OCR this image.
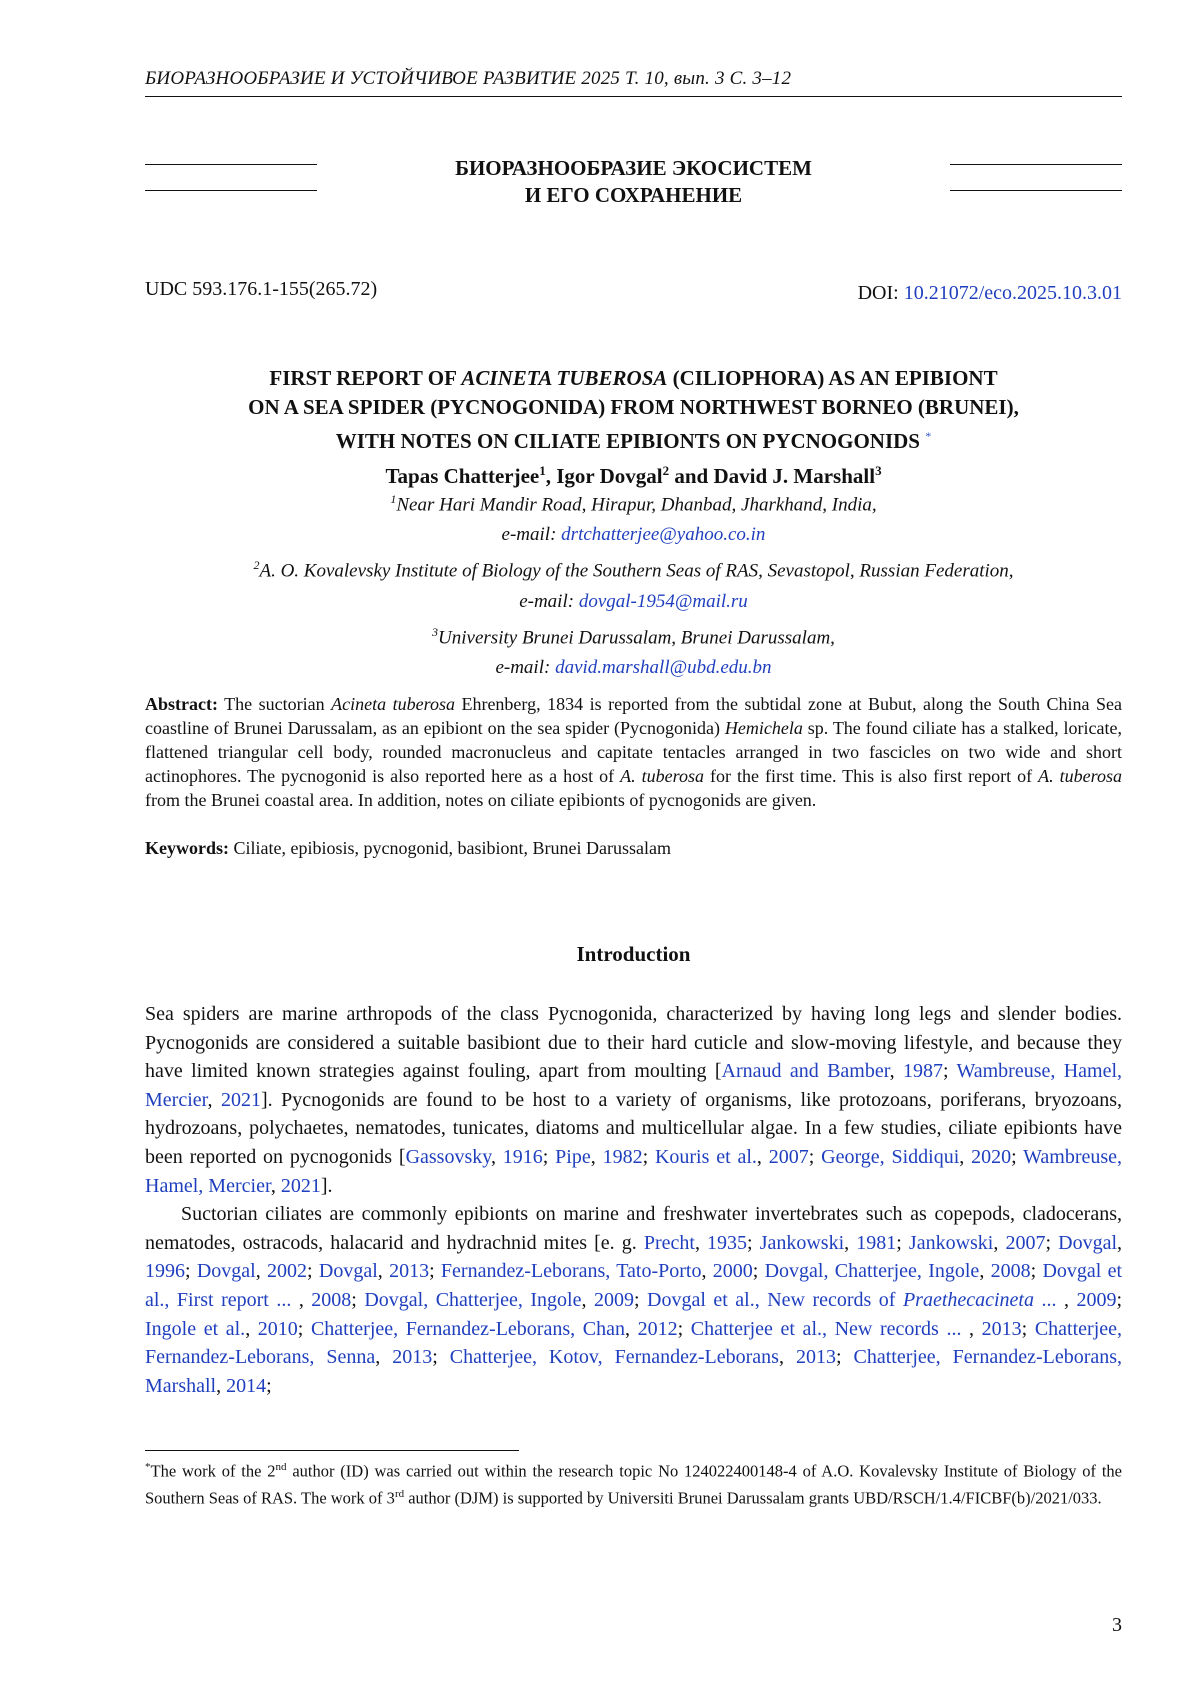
БИОРАЗНООБРАЗИЕ И УСТОЙЧИВОЕ РАЗВИТИЕ 2025 Т. 10, вып. 3 С. 3–12
БИОРАЗНООБРАЗИЕ ЭКОСИСТЕМ
И ЕГО СОХРАНЕНИЕ
UDC 593.176.1-155(265.72)	DOI: 10.21072/eco.2025.10.3.01
FIRST REPORT OF ACINETA TUBEROSA (CILIOPHORA) AS AN EPIBIONT
ON A SEA SPIDER (PYCNOGONIDA) FROM NORTHWEST BORNEO (BRUNEI),
WITH NOTES ON CILIATE EPIBIONTS ON PYCNOGONIDS *
Tapas Chatterjee$^1$, Igor Dovgal$^2$ and David J. Marshall$^3$
$^1$Near Hari Mandir Road, Hirapur, Dhanbad, Jharkhand, India,
e-mail: drtchatterjee@yahoo.co.in
$^2$A. O. Kovalevsky Institute of Biology of the Southern Seas of RAS, Sevastopol, Russian Federation,
e-mail: dovgal-1954@mail.ru
$^3$University Brunei Darussalam, Brunei Darussalam,
e-mail: david.marshall@ubd.edu.bn
Abstract: The suctorian Acineta tuberosa Ehrenberg, 1834 is reported from the subtidal zone at Bubut, along the South China Sea coastline of Brunei Darussalam, as an epibiont on the sea spider (Pycnogonida) Hemichela sp. The found ciliate has a stalked, loricate, flattened triangular cell body, rounded macronucleus and capitate tentacles arranged in two fascicles on two wide and short actinophores. The pycnogonid is also reported here as a host of A. tuberosa for the first time. This is also first report of A. tuberosa from the Brunei coastal area. In addition, notes on ciliate epibionts of pycnogonids are given.
Keywords: Ciliate, epibiosis, pycnogonid, basibiont, Brunei Darussalam
Introduction

Sea spiders are marine arthropods of the class Pycnogonida, characterized by having long legs and slender bodies. Pycnogonids are considered a suitable basibiont due to their hard cuticle and slow-moving lifestyle, and because they have limited known strategies against fouling, apart from moulting [Arnaud and Bamber, 1987; Wambreuse, Hamel, Mercier, 2021]. Pycnogonids are found to be host to a variety of organisms, like protozoans, poriferans, bryozoans, hydrozoans, polychaetes, nematodes, tunicates, diatoms and multicellular algae. In a few studies, ciliate epibionts have been reported on pycnogonids [Gassovsky, 1916; Pipe, 1982; Kouris et al., 2007; George, Siddiqui, 2020; Wambreuse, Hamel, Mercier, 2021].

Suctorian ciliates are commonly epibionts on marine and freshwater invertebrates such as copepods, cladocerans, nematodes, ostracods, halacarid and hydrachnid mites [e. g. Precht, 1935; Jankowski, 1981; Jankowski, 2007; Dovgal, 1996; Dovgal, 2002; Dovgal, 2013; Fernandez-Leborans, Tato-Porto, 2000; Dovgal, Chatterjee, Ingole, 2008; Dovgal et al., First report ... , 2008; Dovgal, Chatterjee, Ingole, 2009; Dovgal et al., New records of Praethecacineta ... , 2009; Ingole et al., 2010; Chatterjee, Fernandez-Leborans, Chan, 2012; Chatterjee et al., New records ... , 2013; Chatterjee, Fernandez-Leborans, Senna, 2013; Chatterjee, Kotov, Fernandez-Leborans, 2013; Chatterjee, Fernandez-Leborans, Marshall, 2014;

*The work of the 2nd author (ID) was carried out within the research topic No 124022400148-4 of A.O. Kovalevsky Institute of Biology of the Southern Seas of RAS. The work of 3rd author (DJM) is supported by Universiti Brunei Darussalam grants UBD/RSCH/1.4/FICBF(b)/2021/033.
3
